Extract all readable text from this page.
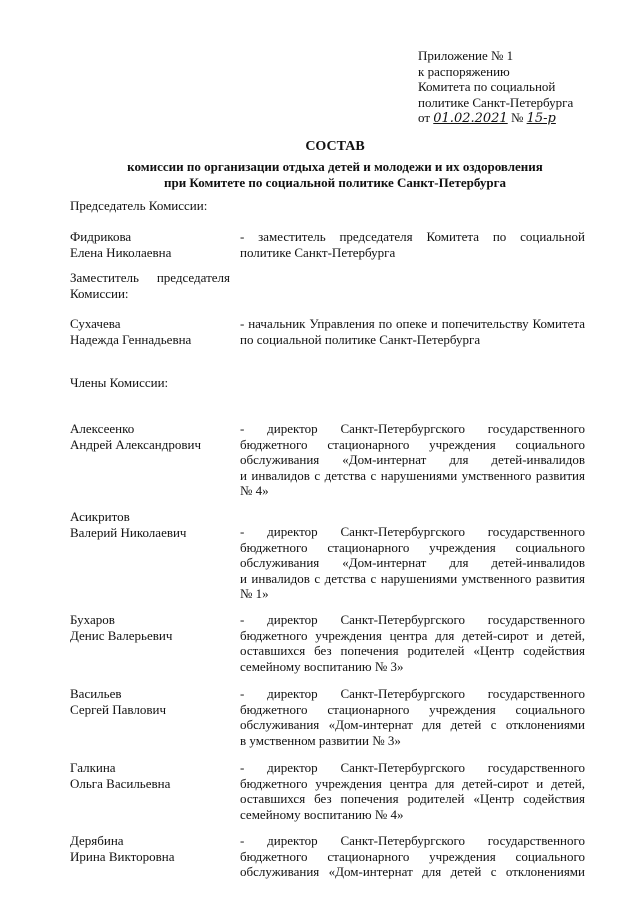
Приложение № 1
к распоряжению
Комитета по социальной
политике Санкт-Петербурга
от 01.02.2021 № 15-р
СОСТАВ
комиссии по организации отдыха детей и молодежи и их оздоровления
при Комитете по социальной политике Санкт-Петербурга
Председатель Комиссии:
Фидрикова
Елена Николаевна
- заместитель председателя Комитета по социальной
политике Санкт-Петербурга
Заместитель председателя
Комиссии:
Сухачева
Надежда Геннадьевна
- начальник Управления по опеке и попечительству Комитета
по социальной политике Санкт-Петербурга
Члены Комиссии:
Алексеенко
Андрей Александрович
- директор Санкт-Петербургского государственного
бюджетного стационарного учреждения социального
обслуживания «Дом-интернат для детей-инвалидов
и инвалидов с детства с нарушениями умственного развития
№ 4»
Асикритов
Валерий Николаевич	- директор Санкт-Петербургского государственного
бюджетного стационарного учреждения социального
обслуживания «Дом-интернат для детей-инвалидов
и инвалидов с детства с нарушениями умственного развития
№ 1»
Бухаров
Денис Валерьевич
- директор Санкт-Петербургского государственного
бюджетного учреждения центра для детей-сирот и детей,
оставшихся без попечения родителей «Центр содействия
семейному воспитанию № 3»
Васильев
Сергей Павлович
- директор Санкт-Петербургского государственного
бюджетного стационарного учреждения социального
обслуживания «Дом-интернат для детей с отклонениями
в умственном развитии № 3»
Галкина
Ольга Васильевна
- директор Санкт-Петербургского государственного
бюджетного учреждения центра для детей-сирот и детей,
оставшихся без попечения родителей «Центр содействия
семейному воспитанию № 4»
Дерябина
Ирина Викторовна
- директор Санкт-Петербургского государственного
бюджетного стационарного учреждения социального
обслуживания «Дом-интернат для детей с отклонениями
